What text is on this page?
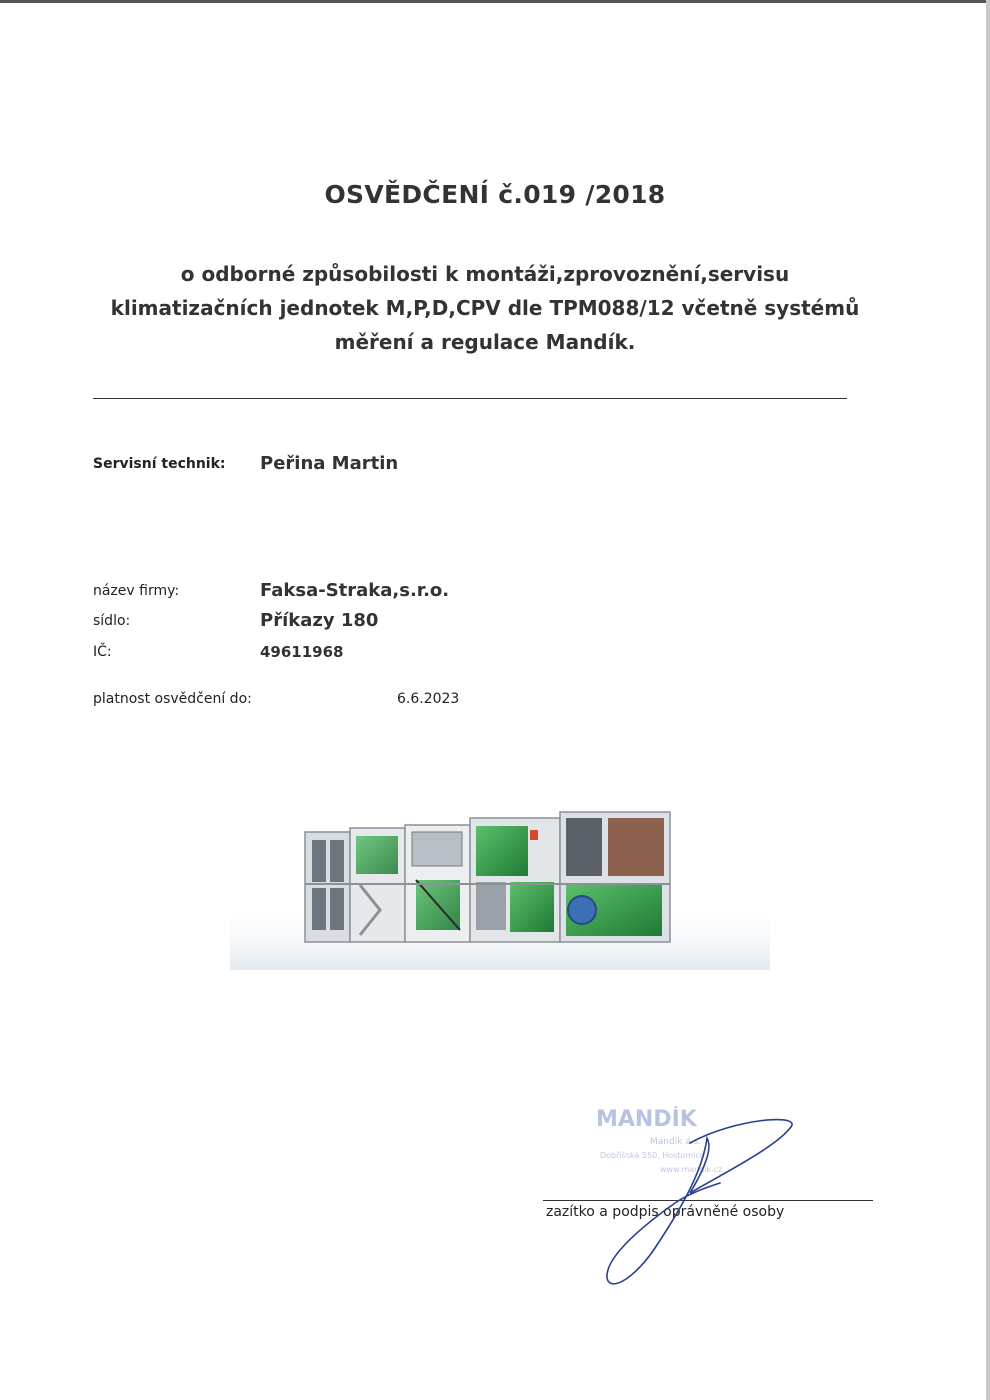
OSVĚDČENÍ č.019 /2018
o odborné způsobilosti k montáži,zprovoznění,servisu klimatizačních jednotek M,P,D,CPV dle TPM088/12 včetně systémů měření a regulace Mandík.
Servisní technik: Peřina Martin
název firmy:	Faksa-Straka,s.r.o.
sídlo:	Příkazy 180
IČ:	49611968
platnost osvědčení do:	6.6.2023
MANDÍK
Mandík a.s.
Dobříšská 550, Hostomice
www.mandik.cz
zazítko a podpis oprávněné osoby
